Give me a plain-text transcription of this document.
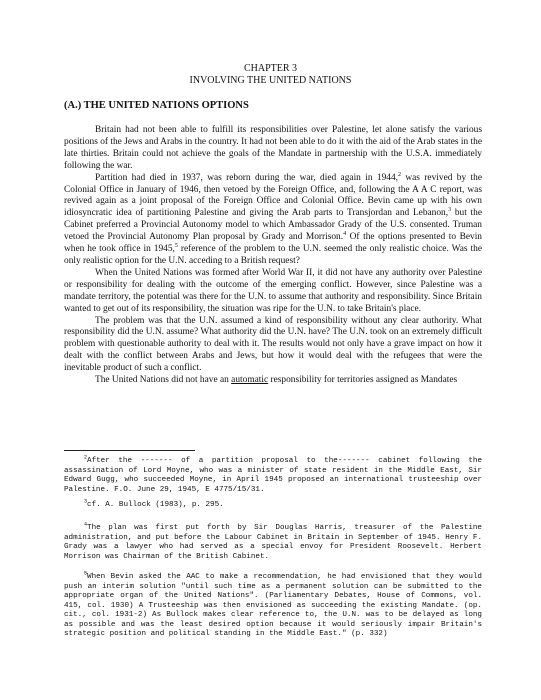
CHAPTER 3
INVOLVING THE UNITED NATIONS
(A.) THE UNITED NATIONS OPTIONS

Britain had not been able to fulfill its responsibilities over Palestine, let alone satisfy the various positions of the Jews and Arabs in the country. It had not been able to do it with the aid of the Arab states in the late thirties. Britain could not achieve the goals of the Mandate in partnership with the U.S.A. immediately following the war.

Partition had died in 1937, was reborn during the war, died again in 1944,$^2$ was revived by the Colonial Office in January of 1946, then vetoed by the Foreign Office, and, following the A A C report, was revived again as a joint proposal of the Foreign Office and Colonial Office. Bevin came up with his own idiosyncratic idea of partitioning Palestine and giving the Arab parts to Transjordan and Lebanon,$^3$ but the Cabinet preferred a Provincial Autonomy model to which Ambassador Grady of the U.S. consented. Truman vetoed the Provincial Autonomy Plan proposal by Grady and Morrison.$^4$ Of the options presented to Bevin when he took office in 1945,$^5$ reference of the problem to the U.N. seemed the only realistic choice. Was the only realistic option for the U.N. acceding to a British request?

When the United Nations was formed after World War II, it did not have any authority over Palestine or responsibility for dealing with the outcome of the emerging conflict. However, since Palestine was a mandate territory, the potential was there for the U.N. to assume that authority and responsibility. Since Britain wanted to get out of its responsibility, the situation was ripe for the U.N. to take Britain's place.

The problem was that the U.N. assumed a kind of responsibility without any clear authority. What responsibility did the U.N. assume? What authority did the U.N. have? The U.N. took on an extremely difficult problem with questionable authority to deal with it. The results would not only have a grave impact on how it dealt with the conflict between Arabs and Jews, but how it would deal with the refugees that were the inevitable product of such a conflict.

The United Nations did not have an automatic responsibility for territories assigned as Mandates

$^2$After the ------- of a partition proposal to the------- cabinet following the assassination of Lord Moyne, who was a minister of state resident in the Middle East, Sir Edward Gugg, who succeeded Moyne, in April 1945 proposed an international trusteeship over Palestine. F.O. June 29, 1945, E 4775/15/31.

$^3$cf. A. Bullock (1983), p. 295.

$^4$The plan was first put forth by Sir Douglas Harris, treasurer of the Palestine administration, and put before the Labour Cabinet in Britain in September of 1945. Henry F. Grady was a lawyer who had served as a special envoy for President Roosevelt. Herbert Morrison was Chairman of the British Cabinet.

$^5$When Bevin asked the AAC to make a recommendation, he had envisioned that they would push an interim solution "until such time as a permanent solution can be submitted to the appropriate organ of the United Nations". (Parliamentary Debates, House of Commons, vol. 415, col. 1930) A Trusteeship was then envisioned as succeeding the existing Mandate. (op. cit., col. 1931-2) As Bullock makes clear reference to, the U.N. was to be delayed as long as possible and was the least desired option because it would seriously impair Britain's strategic position and political standing in the Middle East." (p. 332)
